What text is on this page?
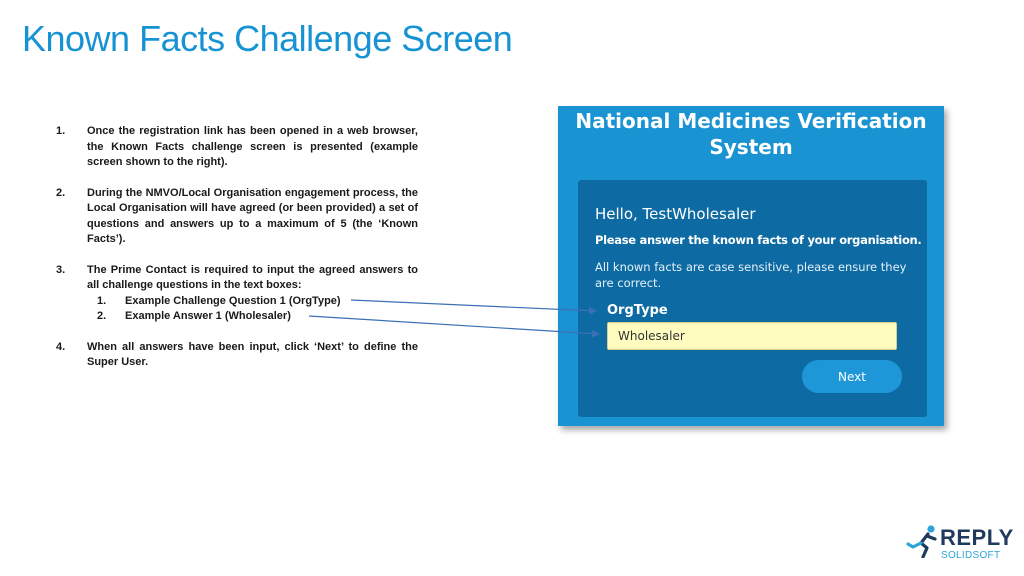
Known Facts Challenge Screen
1.	Once the registration link has been opened in a web browser, the Known Facts challenge screen is presented (example screen shown to the right).
2.	During the NMVO/Local Organisation engagement process, the Local Organisation will have agreed (or been provided) a set of questions and answers up to a maximum of 5 (the ‘Known Facts’).
3.	The Prime Contact is required to input the agreed answers to all challenge questions in the text boxes:
1.	Example Challenge Question 1 (OrgType)
2.	Example Answer 1 (Wholesaler)
4.	When all answers have been input, click ‘Next’ to define the Super User.
National Medicines Verification
System
Hello, TestWholesaler
Please answer the known facts of your organisation.
All known facts are case sensitive, please ensure they are correct.
OrgType
Wholesaler
Next
REPLY
SOLIDSOFT
